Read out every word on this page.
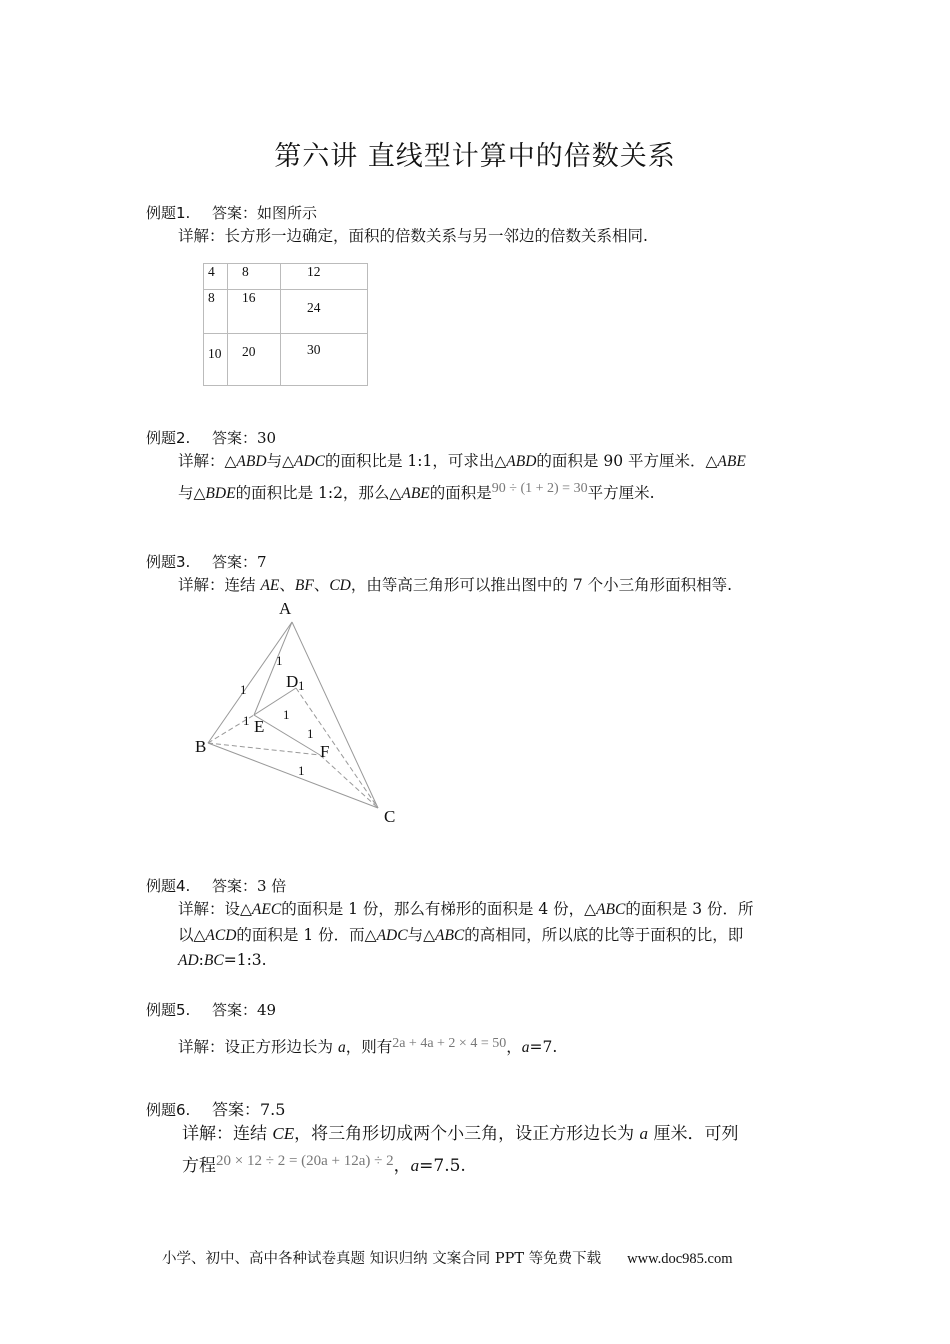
第六讲 直线型计算中的倍数关系
例题1. 答案：如图所示
详解：长方形一边确定，面积的倍数关系与另一邻边的倍数关系相同.
4	8	12
8	16	24
10	20	30
例题2. 答案：30
详解：△ABD与△ADC的面积比是 1:1，可求出△ABD的面积是 90 平方厘米．△ABE
与△BDE的面积比是 1:2，那么△ABE的面积是90 ÷ (1 + 2) = 30平方厘米.
例题3. 答案：7
详解：连结 AE、BF、CD，由等高三角形可以推出图中的 7 个小三角形面积相等.
A
B
C
D
E
F
1
1	1
1	1
1
1
例题4. 答案：3 倍
详解：设△AEC的面积是 1 份，那么有梯形的面积是 4 份，△ABC的面积是 3 份．所
以△ACD的面积是 1 份．而△ADC与△ABC的高相同，所以底的比等于面积的比，即
AD:BC=1:3.
例题5. 答案：49
详解：设正方形边长为 a，则有2a + 4a + 2 × 4 = 50，a=7.
例题6. 答案：7.5
详解：连结 CE，将三角形切成两个小三角，设正方形边长为 a 厘米．可列
方程20 × 12 ÷ 2 = (20a + 12a) ÷ 2，a=7.5.
小学、初中、高中各种试卷真题 知识归纳 文案合同 PPT 等免费下载 www.doc985.com
